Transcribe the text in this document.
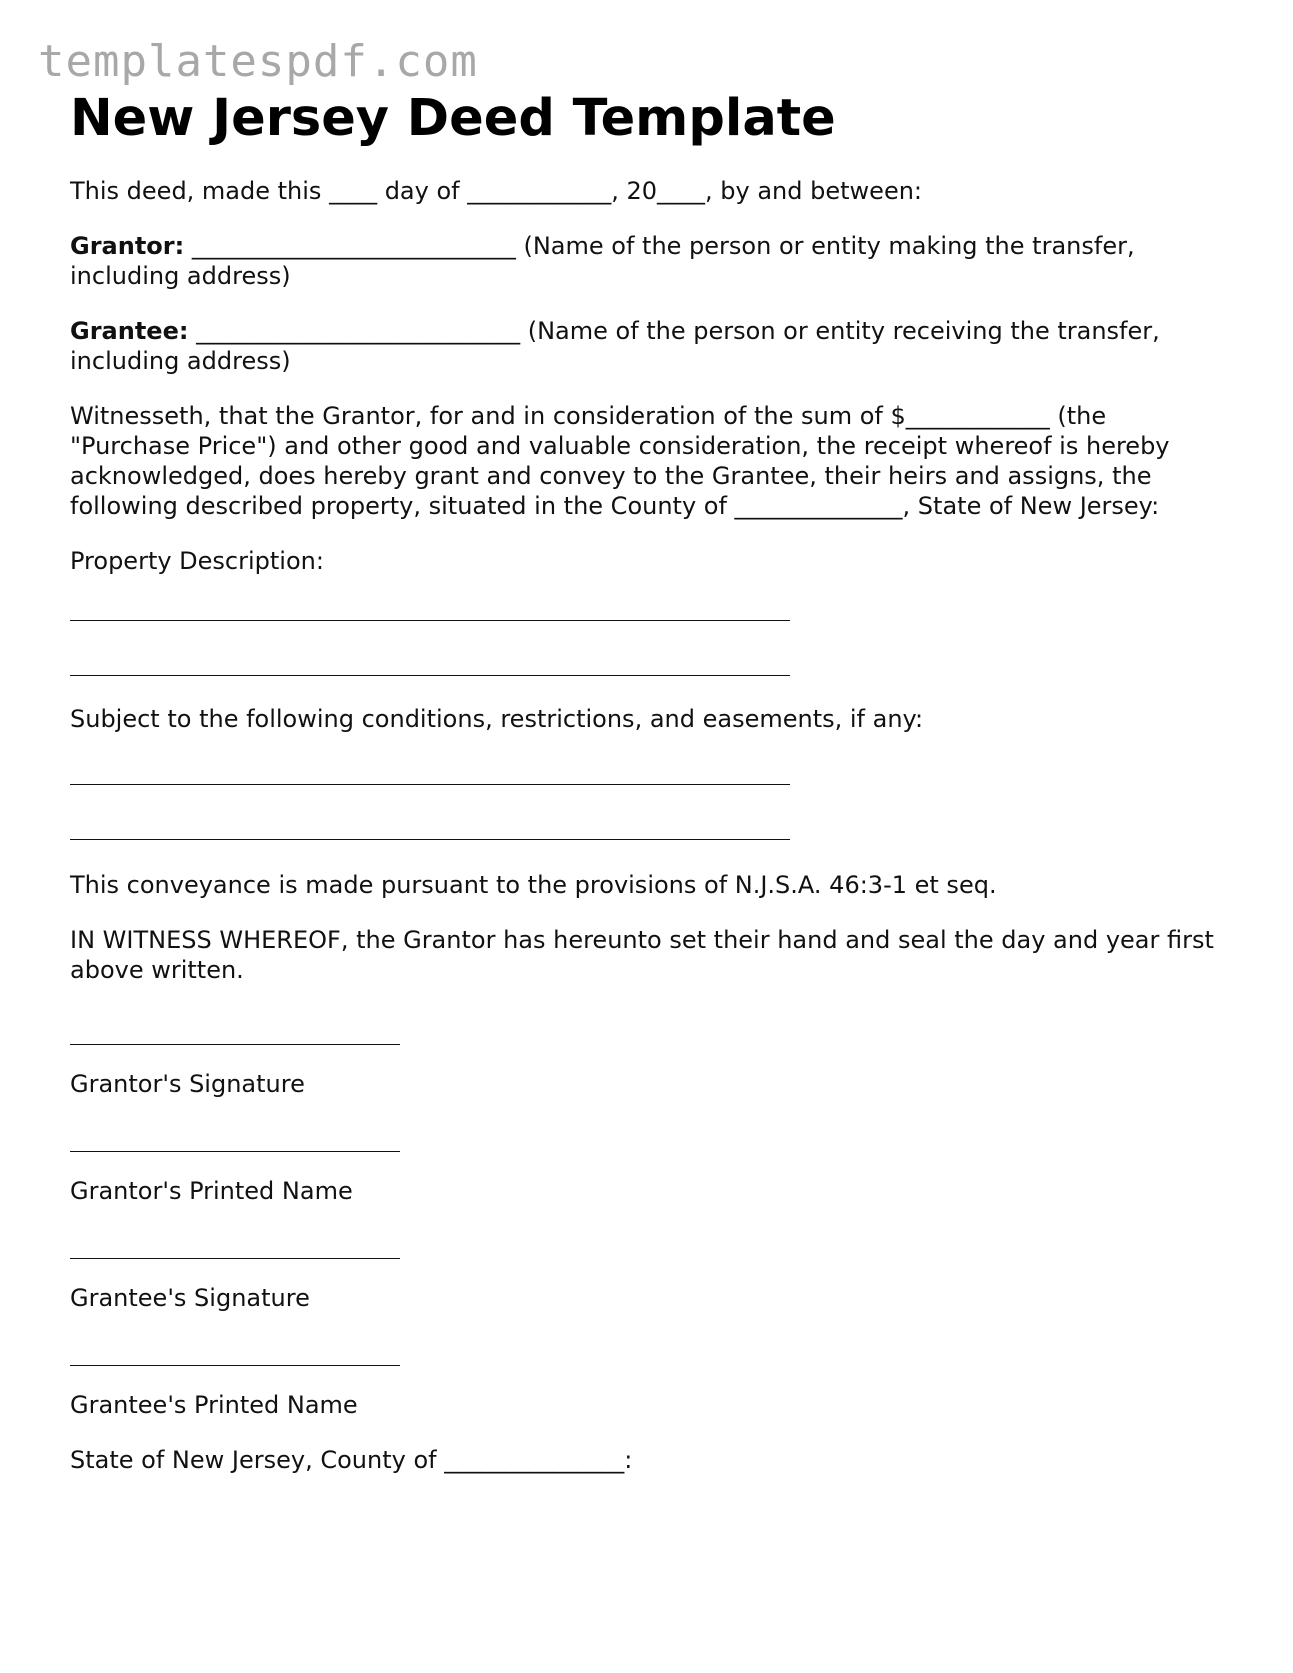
templatespdf.com
New Jersey Deed Template

This deed, made this ____ day of ____________, 20____, by and between:

Grantor: ___________________________ (Name of the person or entity making the transfer, including address)

Grantee: ___________________________ (Name of the person or entity receiving the transfer, including address)

Witnesseth, that the Grantor, for and in consideration of the sum of $____________ (the "Purchase Price") and other good and valuable consideration, the receipt whereof is hereby acknowledged, does hereby grant and convey to the Grantee, their heirs and assigns, the following described property, situated in the County of ______________, State of New Jersey:

Property Description:

Subject to the following conditions, restrictions, and easements, if any:

This conveyance is made pursuant to the provisions of N.J.S.A. 46:3-1 et seq.

IN WITNESS WHEREOF, the Grantor has hereunto set their hand and seal the day and year first above written.

Grantor's Signature

Grantor's Printed Name

Grantee's Signature

Grantee's Printed Name

State of New Jersey, County of _______________:
